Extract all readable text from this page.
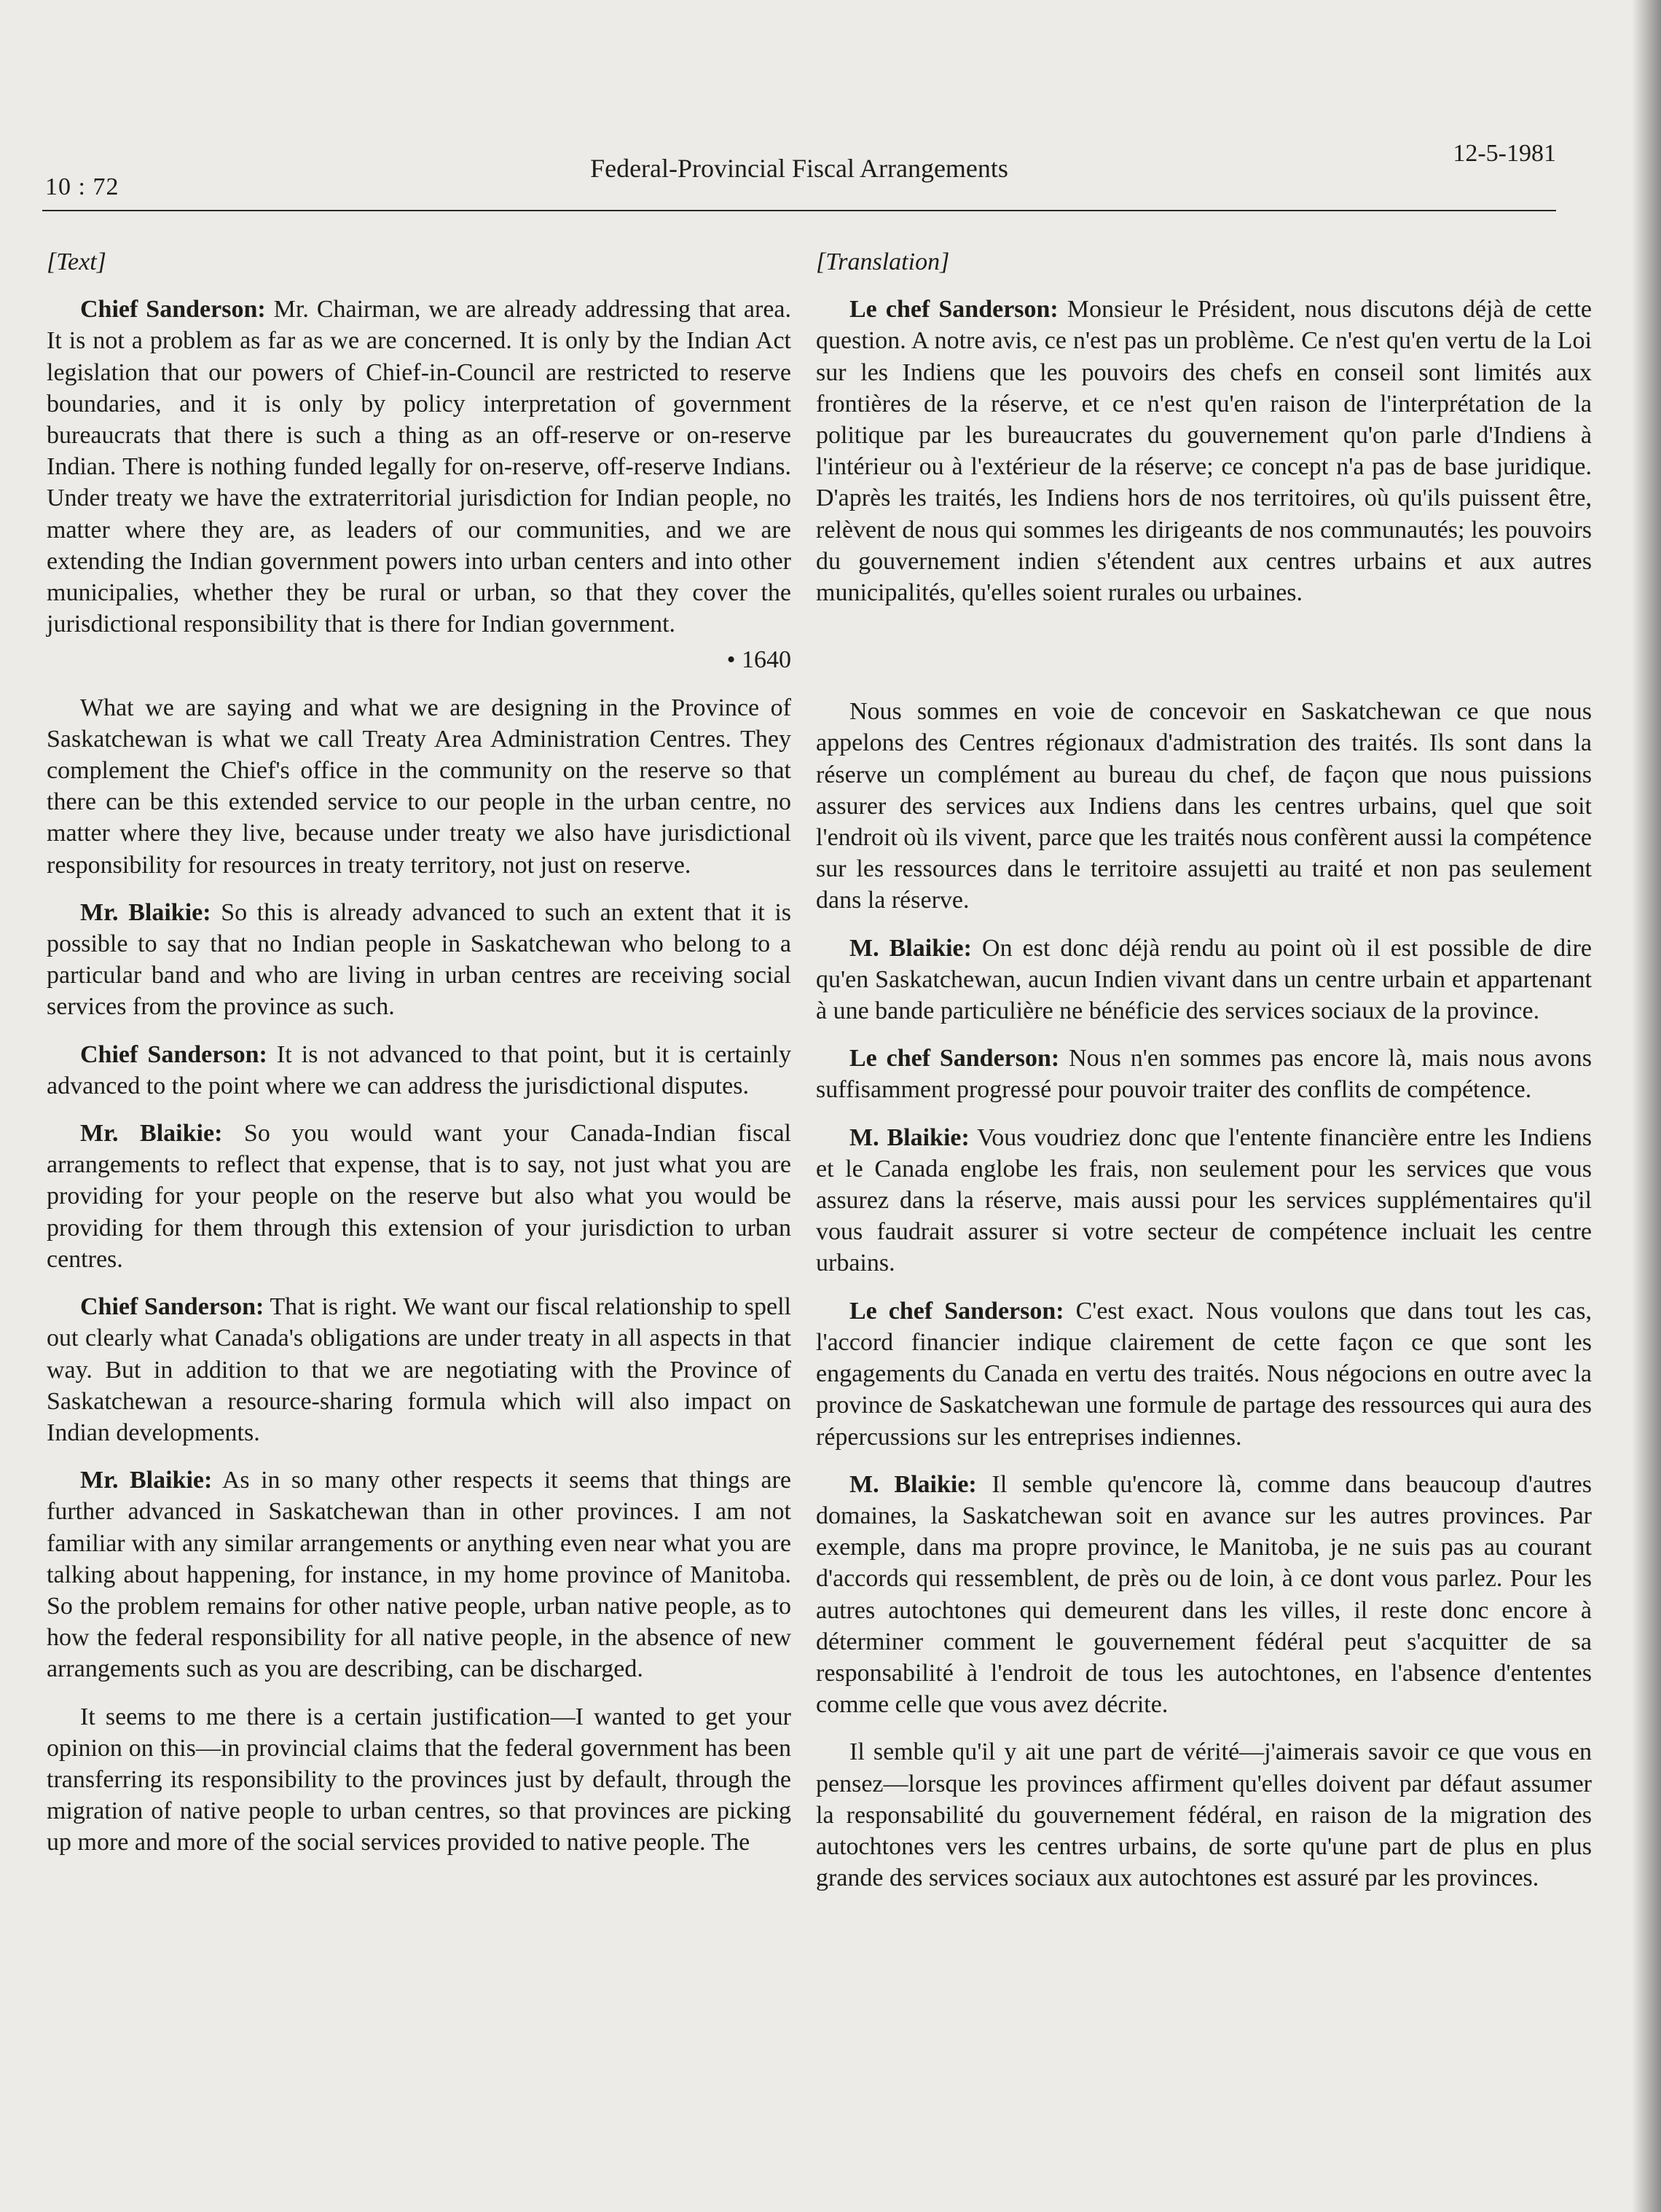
10 : 72
Federal-Provincial Fiscal Arrangements
12-5-1981

[Text]

Chief Sanderson: Mr. Chairman, we are already addressing that area. It is not a problem as far as we are concerned. It is only by the Indian Act legislation that our powers of Chief-in-Council are restricted to reserve boundaries, and it is only by policy interpretation of government bureaucrats that there is such a thing as an off-reserve or on-reserve Indian. There is nothing funded legally for on-reserve, off-reserve Indians. Under treaty we have the extraterritorial jurisdiction for Indian people, no matter where they are, as leaders of our communities, and we are extending the Indian government powers into urban centers and into other municipalies, whether they be rural or urban, so that they cover the jurisdictional responsibility that is there for Indian government.

• 1640

What we are saying and what we are designing in the Province of Saskatchewan is what we call Treaty Area Administration Centres. They complement the Chief's office in the community on the reserve so that there can be this extended service to our people in the urban centre, no matter where they live, because under treaty we also have jurisdictional responsibility for resources in treaty territory, not just on reserve.

Mr. Blaikie: So this is already advanced to such an extent that it is possible to say that no Indian people in Saskatchewan who belong to a particular band and who are living in urban centres are receiving social services from the province as such.

Chief Sanderson: It is not advanced to that point, but it is certainly advanced to the point where we can address the jurisdictional disputes.

Mr. Blaikie: So you would want your Canada-Indian fiscal arrangements to reflect that expense, that is to say, not just what you are providing for your people on the reserve but also what you would be providing for them through this extension of your jurisdiction to urban centres.

Chief Sanderson: That is right. We want our fiscal relationship to spell out clearly what Canada's obligations are under treaty in all aspects in that way. But in addition to that we are negotiating with the Province of Saskatchewan a resource-sharing formula which will also impact on Indian developments.

Mr. Blaikie: As in so many other respects it seems that things are further advanced in Saskatchewan than in other provinces. I am not familiar with any similar arrangements or anything even near what you are talking about happening, for instance, in my home province of Manitoba. So the problem remains for other native people, urban native people, as to how the federal responsibility for all native people, in the absence of new arrangements such as you are describing, can be discharged.

It seems to me there is a certain justification—I wanted to get your opinion on this—in provincial claims that the federal government has been transferring its responsibility to the provinces just by default, through the migration of native people to urban centres, so that provinces are picking up more and more of the social services provided to native people. The

[Translation]

Le chef Sanderson: Monsieur le Président, nous discutons déjà de cette question. A notre avis, ce n'est pas un problème. Ce n'est qu'en vertu de la Loi sur les Indiens que les pouvoirs des chefs en conseil sont limités aux frontières de la réserve, et ce n'est qu'en raison de l'interprétation de la politique par les bureaucrates du gouvernement qu'on parle d'Indiens à l'intérieur ou à l'extérieur de la réserve; ce concept n'a pas de base juridique. D'après les traités, les Indiens hors de nos territoires, où qu'ils puissent être, relèvent de nous qui sommes les dirigeants de nos communautés; les pouvoirs du gouvernement indien s'étendent aux centres urbains et aux autres municipalités, qu'elles soient rurales ou urbaines.

Nous sommes en voie de concevoir en Saskatchewan ce que nous appelons des Centres régionaux d'admistration des traités. Ils sont dans la réserve un complément au bureau du chef, de façon que nous puissions assurer des services aux Indiens dans les centres urbains, quel que soit l'endroit où ils vivent, parce que les traités nous confèrent aussi la compétence sur les ressources dans le territoire assujetti au traité et non pas seulement dans la réserve.

M. Blaikie: On est donc déjà rendu au point où il est possible de dire qu'en Saskatchewan, aucun Indien vivant dans un centre urbain et appartenant à une bande particulière ne bénéficie des services sociaux de la province.

Le chef Sanderson: Nous n'en sommes pas encore là, mais nous avons suffisamment progressé pour pouvoir traiter des conflits de compétence.

M. Blaikie: Vous voudriez donc que l'entente financière entre les Indiens et le Canada englobe les frais, non seulement pour les services que vous assurez dans la réserve, mais aussi pour les services supplémentaires qu'il vous faudrait assurer si votre secteur de compétence incluait les centre urbains.

Le chef Sanderson: C'est exact. Nous voulons que dans tout les cas, l'accord financier indique clairement de cette façon ce que sont les engagements du Canada en vertu des traités. Nous négocions en outre avec la province de Saskatchewan une formule de partage des ressources qui aura des répercussions sur les entreprises indiennes.

M. Blaikie: Il semble qu'encore là, comme dans beaucoup d'autres domaines, la Saskatchewan soit en avance sur les autres provinces. Par exemple, dans ma propre province, le Manitoba, je ne suis pas au courant d'accords qui ressemblent, de près ou de loin, à ce dont vous parlez. Pour les autres autochtones qui demeurent dans les villes, il reste donc encore à déterminer comment le gouvernement fédéral peut s'acquitter de sa responsabilité à l'endroit de tous les autochtones, en l'absence d'ententes comme celle que vous avez décrite.

Il semble qu'il y ait une part de vérité—j'aimerais savoir ce que vous en pensez—lorsque les provinces affirment qu'elles doivent par défaut assumer la responsabilité du gouvernement fédéral, en raison de la migration des autochtones vers les centres urbains, de sorte qu'une part de plus en plus grande des services sociaux aux autochtones est assuré par les provinces.
